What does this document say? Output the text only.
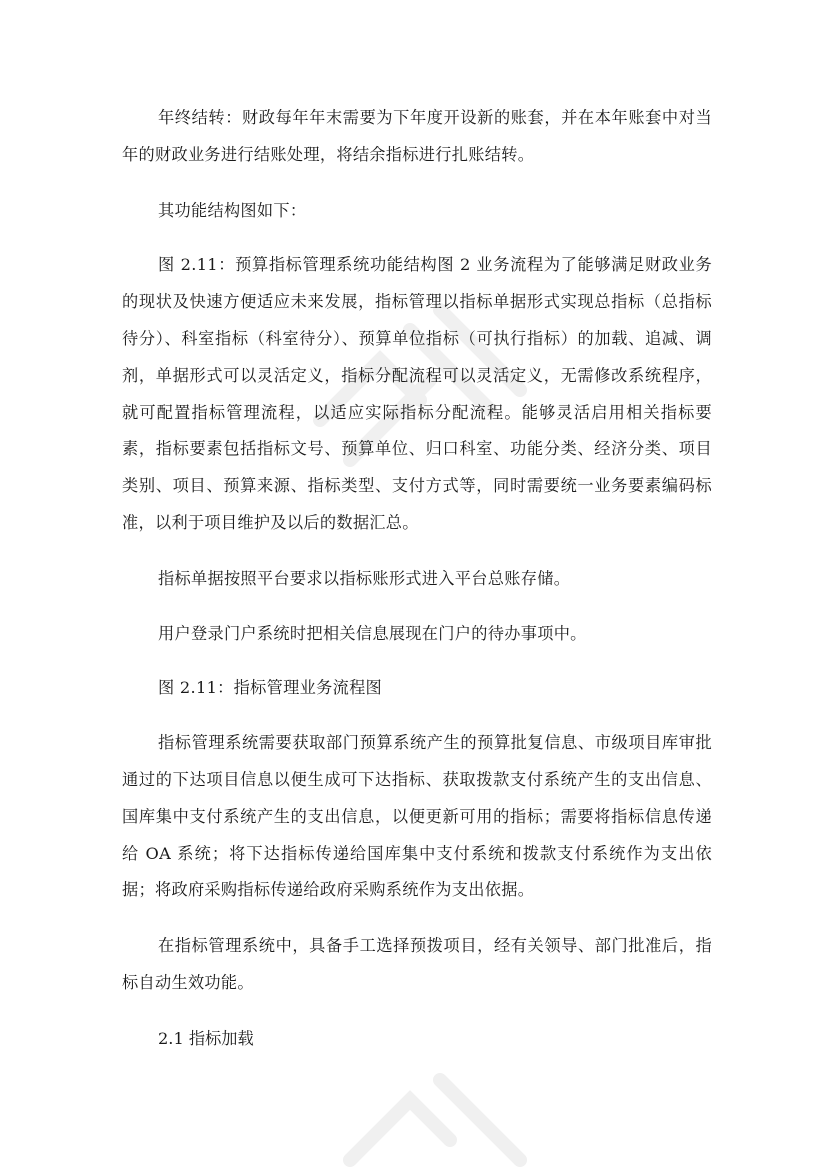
年终结转：财政每年年末需要为下年度开设新的账套，并在本年账套中对当年的财政业务进行结账处理，将结余指标进行扎账结转。

其功能结构图如下：

图 2.11：预算指标管理系统功能结构图 2 业务流程为了能够满足财政业务的现状及快速方便适应未来发展，指标管理以指标单据形式实现总指标（总指标待分）、科室指标（科室待分）、预算单位指标（可执行指标）的加载、追减、调剂，单据形式可以灵活定义，指标分配流程可以灵活定义，无需修改系统程序，就可配置指标管理流程，以适应实际指标分配流程。能够灵活启用相关指标要素，指标要素包括指标文号、预算单位、归口科室、功能分类、经济分类、项目类别、项目、预算来源、指标类型、支付方式等，同时需要统一业务要素编码标准，以利于项目维护及以后的数据汇总。

指标单据按照平台要求以指标账形式进入平台总账存储。

用户登录门户系统时把相关信息展现在门户的待办事项中。

图 2.11：指标管理业务流程图

指标管理系统需要获取部门预算系统产生的预算批复信息、市级项目库审批通过的下达项目信息以便生成可下达指标、获取拨款支付系统产生的支出信息、国库集中支付系统产生的支出信息，以便更新可用的指标；需要将指标信息传递给 OA 系统；将下达指标传递给国库集中支付系统和拨款支付系统作为支出依据；将政府采购指标传递给政府采购系统作为支出依据。

在指标管理系统中，具备手工选择预拨项目，经有关领导、部门批准后，指标自动生效功能。

2.1 指标加载
